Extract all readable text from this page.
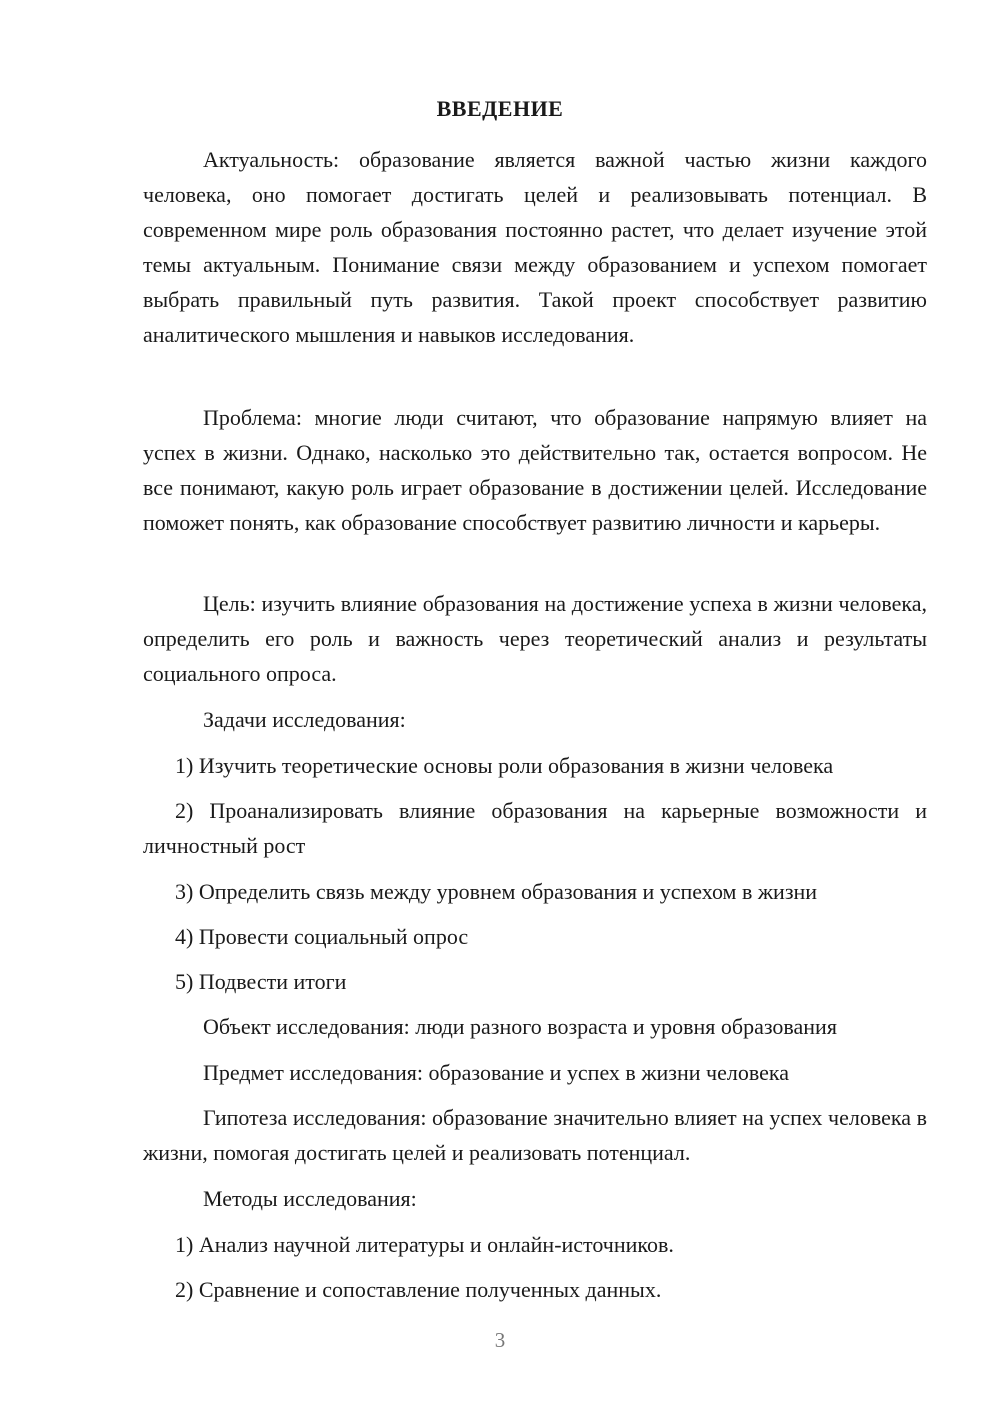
ВВЕДЕНИЕ
Актуальность: образование является важной частью жизни каждого человека, оно помогает достигать целей и реализовывать потенциал. В современном мире роль образования постоянно растет, что делает изучение этой темы актуальным. Понимание связи между образованием и успехом помогает выбрать правильный путь развития. Такой проект способствует развитию аналитического мышления и навыков исследования.
Проблема: многие люди считают, что образование напрямую влияет на успех в жизни. Однако, насколько это действительно так, остается вопросом. Не все понимают, какую роль играет образование в достижении целей. Исследование поможет понять, как образование способствует развитию личности и карьеры.
Цель: изучить влияние образования на достижение успеха в жизни человека, определить его роль и важность через теоретический анализ и результаты социального опроса.
Задачи исследования:
1) Изучить теоретические основы роли образования в жизни человека
2) Проанализировать влияние образования на карьерные возможности и личностный рост
3) Определить связь между уровнем образования и успехом в жизни
4) Провести социальный опрос
5) Подвести итоги
Объект исследования: люди разного возраста и уровня образования
Предмет исследования: образование и успех в жизни человека
Гипотеза исследования: образование значительно влияет на успех человека в жизни, помогая достигать целей и реализовать потенциал.
Методы исследования:
1) Анализ научной литературы и онлайн-источников.
2) Сравнение и сопоставление полученных данных.
3
